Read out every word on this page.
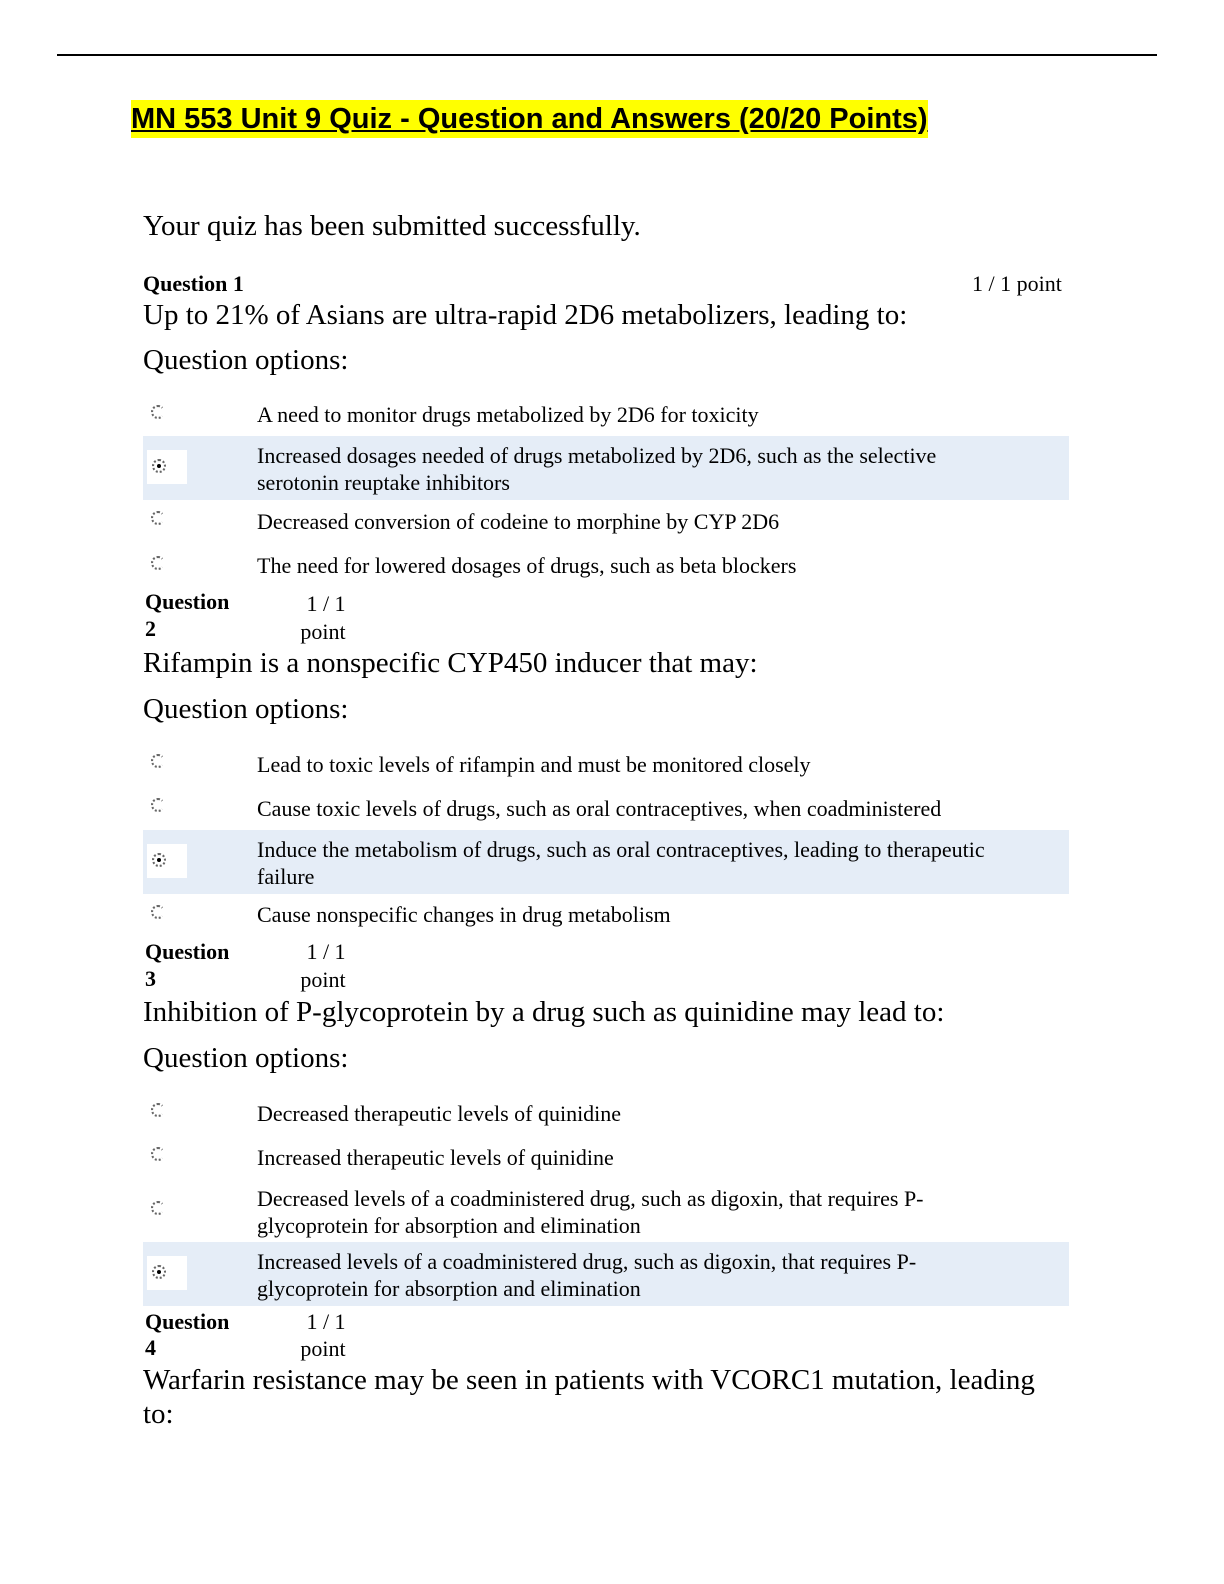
MN 553 Unit 9 Quiz - Question and Answers (20/20 Points)
Your quiz has been submitted successfully.
Question 1	1 / 1 point
Up to 21% of Asians are ultra-rapid 2D6 metabolizers, leading to:
Question options:
A need to monitor drugs metabolized by 2D6 for toxicity
Increased dosages needed of drugs metabolized by 2D6, such as the selective serotonin reuptake inhibitors
Decreased conversion of codeine to morphine by CYP 2D6
The need for lowered dosages of drugs, such as beta blockers
Question
2
1 / 1
point
Rifampin is a nonspecific CYP450 inducer that may:
Question options:
Lead to toxic levels of rifampin and must be monitored closely
Cause toxic levels of drugs, such as oral contraceptives, when coadministered
Induce the metabolism of drugs, such as oral contraceptives, leading to therapeutic failure
Cause nonspecific changes in drug metabolism
Question
3
1 / 1
point
Inhibition of P-glycoprotein by a drug such as quinidine may lead to:
Question options:
Decreased therapeutic levels of quinidine
Increased therapeutic levels of quinidine
Decreased levels of a coadministered drug, such as digoxin, that requires P-glycoprotein for absorption and elimination
Increased levels of a coadministered drug, such as digoxin, that requires P-glycoprotein for absorption and elimination
Question
4
1 / 1
point
Warfarin resistance may be seen in patients with VCORC1 mutation, leading
to:
